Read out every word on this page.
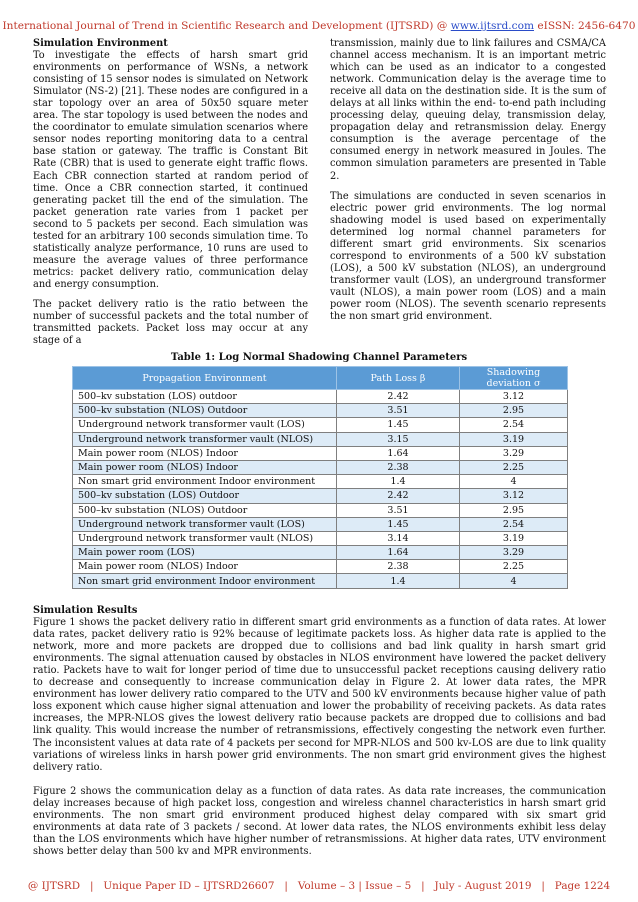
International Journal of Trend in Scientific Research and Development (IJTSRD) @ www.ijtsrd.com eISSN: 2456-6470
Simulation Environment

To investigate the effects of harsh smart grid environments on performance of WSNs, a network consisting of 15 sensor nodes is simulated on Network Simulator (NS-2) [21]. These nodes are configured in a star topology over an area of 50x50 square meter area. The star topology is used between the nodes and the coordinator to emulate simulation scenarios where sensor nodes reporting monitoring data to a central base station or gateway. The traffic is Constant Bit Rate (CBR) that is used to generate eight traffic flows. Each CBR connection started at random period of time. Once a CBR connection started, it continued generating packet till the end of the simulation. The packet generation rate varies from 1 packet per second to 5 packets per second. Each simulation was tested for an arbitrary 100 seconds simulation time. To statistically analyze performance, 10 runs are used to measure the average values of three performance metrics: packet delivery ratio, communication delay and energy consumption.

The packet delivery ratio is the ratio between the number of successful packets and the total number of transmitted packets. Packet loss may occur at any stage of a

transmission, mainly due to link failures and CSMA/CA channel access mechanism. It is an important metric which can be used as an indicator to a congested network. Communication delay is the average time to receive all data on the destination side. It is the sum of delays at all links within the end- to-end path including processing delay, queuing delay, transmission delay, propagation delay and retransmission delay. Energy consumption is the average percentage of the consumed energy in network measured in Joules. The common simulation parameters are presented in Table 2.

The simulations are conducted in seven scenarios in electric power grid environments. The log normal shadowing model is used based on experimentally determined log normal channel parameters for different smart grid environments. Six scenarios correspond to environments of a 500 kV substation (LOS), a 500 kV substation (NLOS), an underground transformer vault (LOS), an underground transformer vault (NLOS), a main power room (LOS) and a main power room (NLOS). The seventh scenario represents the non smart grid environment.

Table 1: Log Normal Shadowing Channel Parameters
Propagation Environment	Path Loss β	Shadowing deviation σ
500–kv substation (LOS) outdoor	2.42	3.12
500–kv substation (NLOS) Outdoor	3.51	2.95
Underground network transformer vault (LOS)	1.45	2.54
Underground network transformer vault (NLOS)	3.15	3.19
Main power room (NLOS) Indoor	1.64	3.29
Main power room (NLOS) Indoor	2.38	2.25
Non smart grid environment Indoor environment	1.4	4
500–kv substation (LOS) Outdoor	2.42	3.12
500–kv substation (NLOS) Outdoor	3.51	2.95
Underground network transformer vault (LOS)	1.45	2.54
Underground network transformer vault (NLOS)	3.14	3.19
Main power room (LOS)	1.64	3.29
Main power room (NLOS) Indoor	2.38	2.25
Non smart grid environment Indoor environment	1.4	4
Simulation Results

Figure 1 shows the packet delivery ratio in different smart grid environments as a function of data rates. At lower data rates, packet delivery ratio is 92% because of legitimate packets loss. As higher data rate is applied to the network, more and more packets are dropped due to collisions and bad link quality in harsh smart grid environments. The signal attenuation caused by obstacles in NLOS environment have lowered the packet delivery ratio. Packets have to wait for longer period of time due to unsuccessful packet receptions causing delivery ratio to decrease and consequently to increase communication delay in Figure 2. At lower data rates, the MPR environment has lower delivery ratio compared to the UTV and 500 kV environments because higher value of path loss exponent which cause higher signal attenuation and lower the probability of receiving packets. As data rates increases, the MPR-NLOS gives the lowest delivery ratio because packets are dropped due to collisions and bad link quality. This would increase the number of retransmissions, effectively congesting the network even further. The inconsistent values at data rate of 4 packets per second for MPR-NLOS and 500 kv-LOS are due to link quality variations of wireless links in harsh power grid environments. The non smart grid environment gives the highest delivery ratio.

Figure 2 shows the communication delay as a function of data rates. As data rate increases, the communication delay increases because of high packet loss, congestion and wireless channel characteristics in harsh smart grid environments. The non smart grid environment produced highest delay compared with six smart grid environments at data rate of 3 packets / second. At lower data rates, the NLOS environments exhibit less delay than the LOS environments which have higher number of retransmissions. At higher data rates, UTV environment shows better delay than 500 kv and MPR environments.

@ IJTSRD   |   Unique Paper ID – IJTSRD26607   |   Volume – 3 | Issue – 5   |   July - August 2019   |   Page 1224
